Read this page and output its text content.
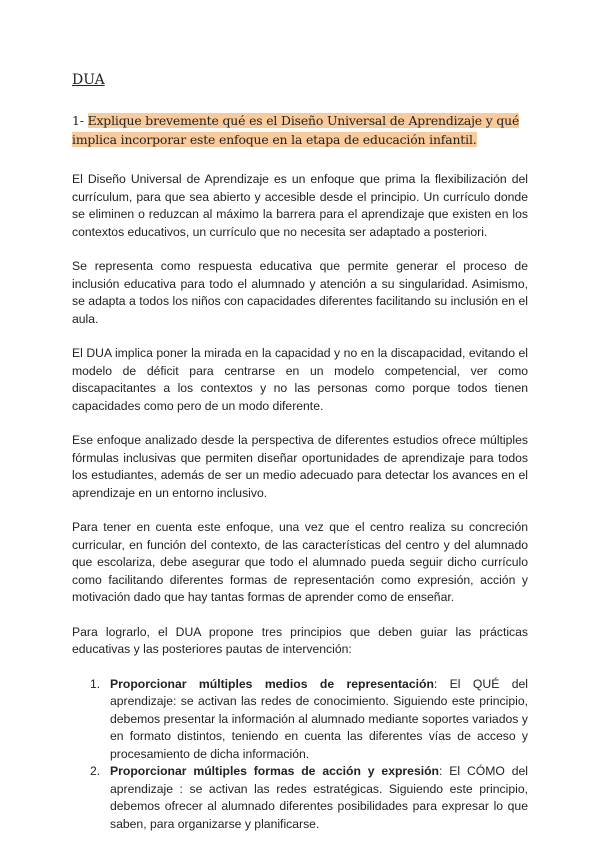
DUA
1- Explique brevemente qué es el Diseño Universal de Aprendizaje y qué implica incorporar este enfoque en la etapa de educación infantil.

El Diseño Universal de Aprendizaje es un enfoque que prima la flexibilización del currículum, para que sea abierto y accesible desde el principio. Un currículo donde se eliminen o reduzcan al máximo la barrera para el aprendizaje que existen en los contextos educativos, un currículo que no necesita ser adaptado a posteriori.

Se representa como respuesta educativa que permite generar el proceso de inclusión educativa para todo el alumnado y atención a su singularidad. Asimismo, se adapta a todos los niños con capacidades diferentes facilitando su inclusión en el aula.

El DUA implica poner la mirada en la capacidad y no en la discapacidad, evitando el modelo de déficit para centrarse en un modelo competencial, ver como discapacitantes a los contextos y no las personas como porque todos tienen capacidades como pero de un modo diferente.

Ese enfoque analizado desde la perspectiva de diferentes estudios ofrece múltiples fórmulas inclusivas que permiten diseñar oportunidades de aprendizaje para todos los estudiantes, además de ser un medio adecuado para detectar los avances en el aprendizaje en un entorno inclusivo.

Para tener en cuenta este enfoque, una vez que el centro realiza su concreción curricular, en función del contexto, de las características del centro y del alumnado que escolariza, debe asegurar que todo el alumnado pueda seguir dicho currículo como facilitando diferentes formas de representación como expresión, acción y motivación dado que hay tantas formas de aprender como de enseñar.

Para lograrlo, el DUA propone tres principios que deben guiar las prácticas educativas y las posteriores pautas de intervención:

1. Proporcionar múltiples medios de representación: El QUÉ del aprendizaje: se activan las redes de conocimiento. Siguiendo este principio, debemos presentar la información al alumnado mediante soportes variados y en formato distintos, teniendo en cuenta las diferentes vías de acceso y procesamiento de dicha información.
2. Proporcionar múltiples formas de acción y expresión: El CÓMO del aprendizaje : se activan las redes estratégicas. Siguiendo este principio, debemos ofrecer al alumnado diferentes posibilidades para expresar lo que saben, para organizarse y planificarse.
